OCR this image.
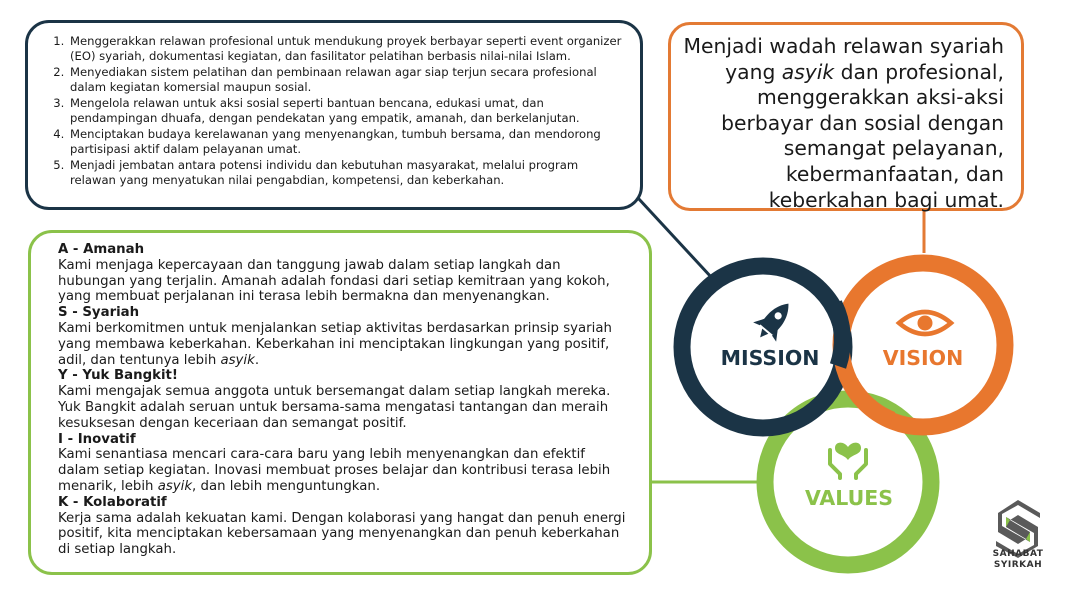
MISSION	VISION
VALUES
1. Menggerakkan relawan profesional untuk mendukung proyek berbayar seperti event organizer (EO) syariah, dokumentasi kegiatan, dan fasilitator pelatihan berbasis nilai-nilai Islam.
2. Menyediakan sistem pelatihan dan pembinaan relawan agar siap terjun secara profesional dalam kegiatan komersial maupun sosial.
3. Mengelola relawan untuk aksi sosial seperti bantuan bencana, edukasi umat, dan pendampingan dhuafa, dengan pendekatan yang empatik, amanah, dan berkelanjutan.
4. Menciptakan budaya kerelawanan yang menyenangkan, tumbuh bersama, dan mendorong partisipasi aktif dalam pelayanan umat.
5. Menjadi jembatan antara potensi individu dan kebutuhan masyarakat, melalui program relawan yang menyatukan nilai pengabdian, kompetensi, dan keberkahan.
Menjadi wadah relawan syariah yang asyik dan profesional, menggerakkan aksi-aksi berbayar dan sosial dengan semangat pelayanan, kebermanfaatan, dan keberkahan bagi umat.
A - Amanah
Kami menjaga kepercayaan dan tanggung jawab dalam setiap langkah dan hubungan yang terjalin. Amanah adalah fondasi dari setiap kemitraan yang kokoh, yang membuat perjalanan ini terasa lebih bermakna dan menyenangkan.
S - Syariah
Kami berkomitmen untuk menjalankan setiap aktivitas berdasarkan prinsip syariah yang membawa keberkahan. Keberkahan ini menciptakan lingkungan yang positif, adil, dan tentunya lebih asyik.
Y - Yuk Bangkit!
Kami mengajak semua anggota untuk bersemangat dalam setiap langkah mereka. Yuk Bangkit adalah seruan untuk bersama-sama mengatasi tantangan dan meraih kesuksesan dengan keceriaan dan semangat positif.
I - Inovatif
Kami senantiasa mencari cara-cara baru yang lebih menyenangkan dan efektif dalam setiap kegiatan. Inovasi membuat proses belajar dan kontribusi terasa lebih menarik, lebih asyik, dan lebih menguntungkan.
K - Kolaboratif
Kerja sama adalah kekuatan kami. Dengan kolaborasi yang hangat dan penuh energi positif, kita menciptakan kebersamaan yang menyenangkan dan penuh keberkahan di setiap langkah.	SAHABAT
SYIRKAH
